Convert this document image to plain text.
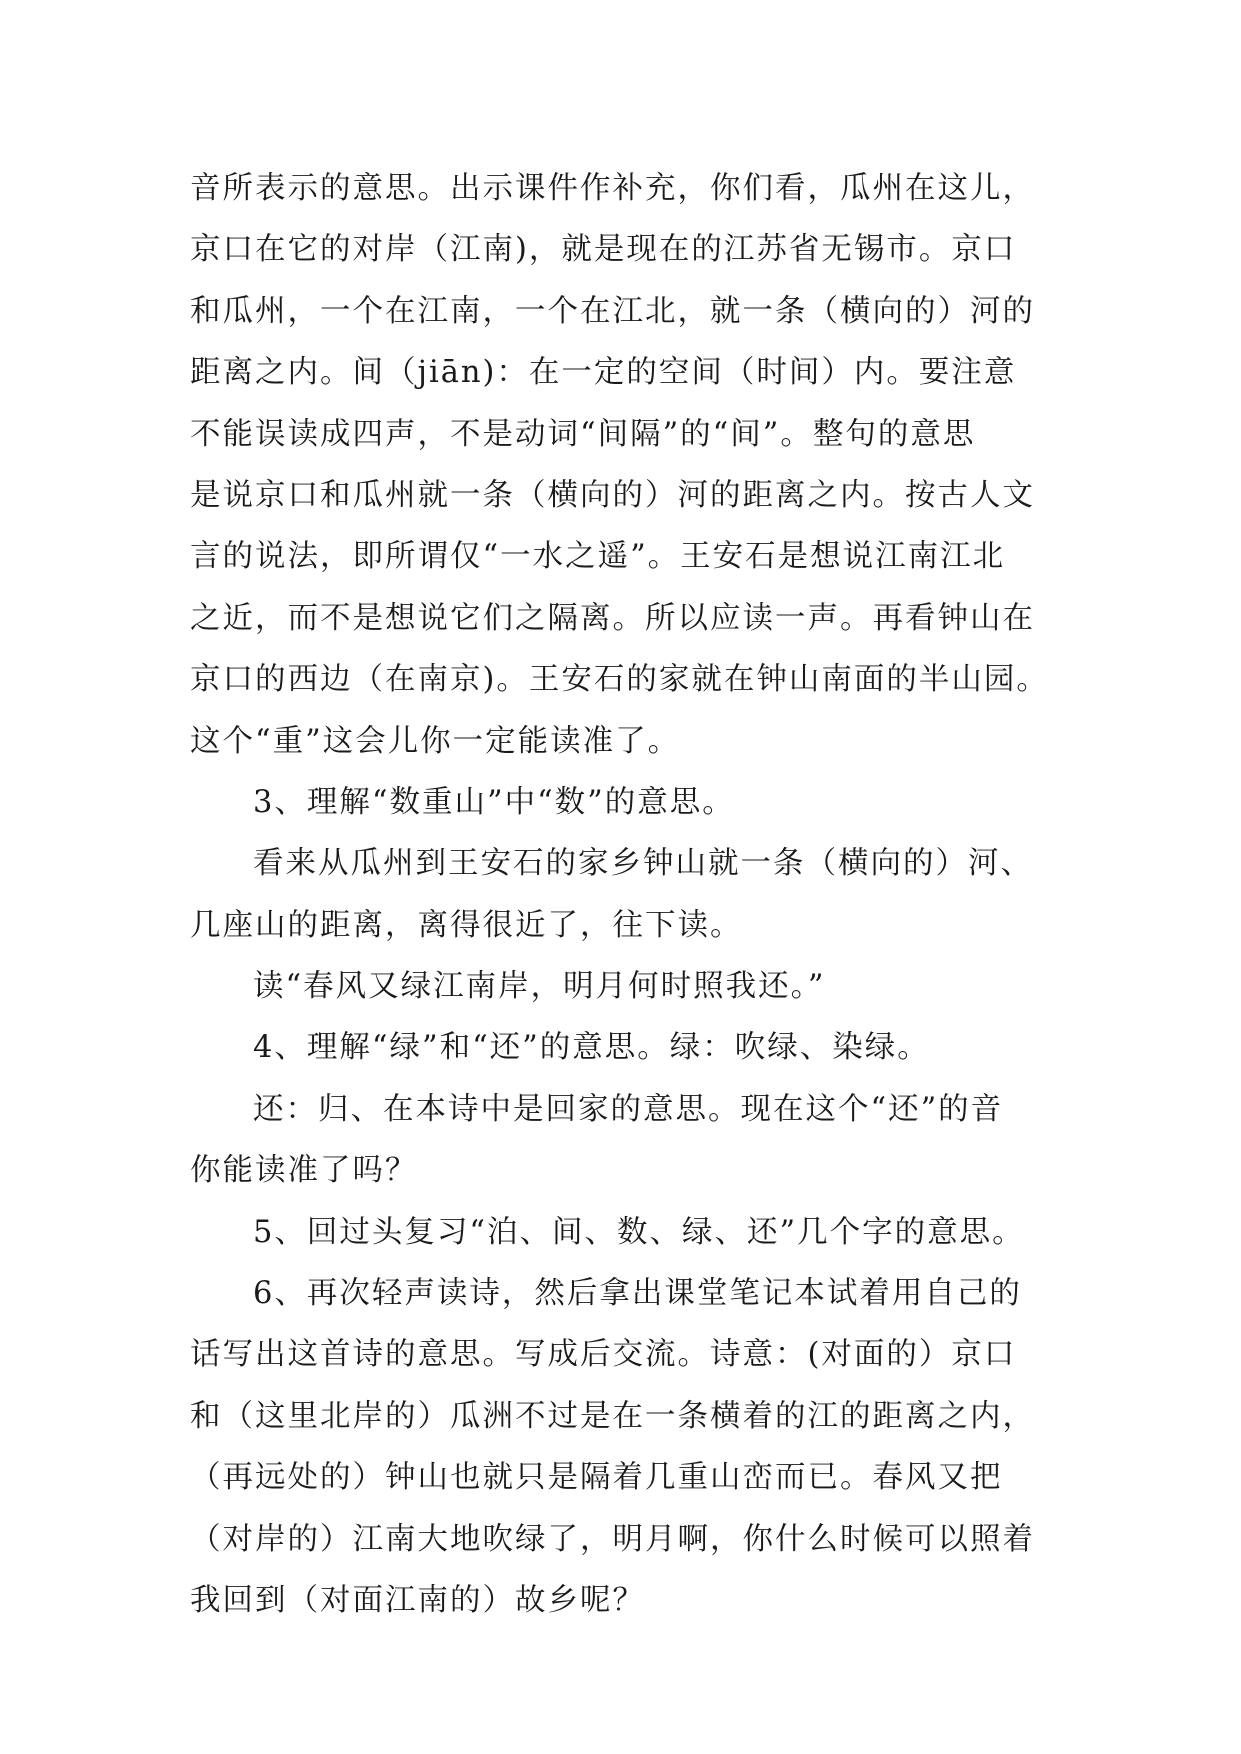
音所表示的意思。出示课件作补充，你们看，瓜州在这儿，
京口在它的对岸（江南)，就是现在的江苏省无锡市。京口
和瓜州，一个在江南，一个在江北，就一条（横向的）河的
距离之内。间（jiān)：在一定的空间（时间）内。要注意
不能误读成四声，不是动词“间隔”的“间”。整句的意思
是说京口和瓜州就一条（横向的）河的距离之内。按古人文
言的说法，即所谓仅“一水之遥”。王安石是想说江南江北
之近，而不是想说它们之隔离。所以应读一声。再看钟山在
京口的西边（在南京)。王安石的家就在钟山南面的半山园。
这个“重”这会儿你一定能读准了。
3、理解“数重山”中“数”的意思。
看来从瓜州到王安石的家乡钟山就一条（横向的）河、
几座山的距离，离得很近了，往下读。
读“春风又绿江南岸，明月何时照我还。”
4、理解“绿”和“还”的意思。绿：吹绿、染绿。
还：归、在本诗中是回家的意思。现在这个“还”的音
你能读准了吗？
5、回过头复习“泊、间、数、绿、还”几个字的意思。
6、再次轻声读诗，然后拿出课堂笔记本试着用自己的
话写出这首诗的意思。写成后交流。诗意：(对面的）京口
和（这里北岸的）瓜洲不过是在一条横着的江的距离之内，
（再远处的）钟山也就只是隔着几重山峦而已。春风又把
（对岸的）江南大地吹绿了，明月啊，你什么时候可以照着
我回到（对面江南的）故乡呢？
